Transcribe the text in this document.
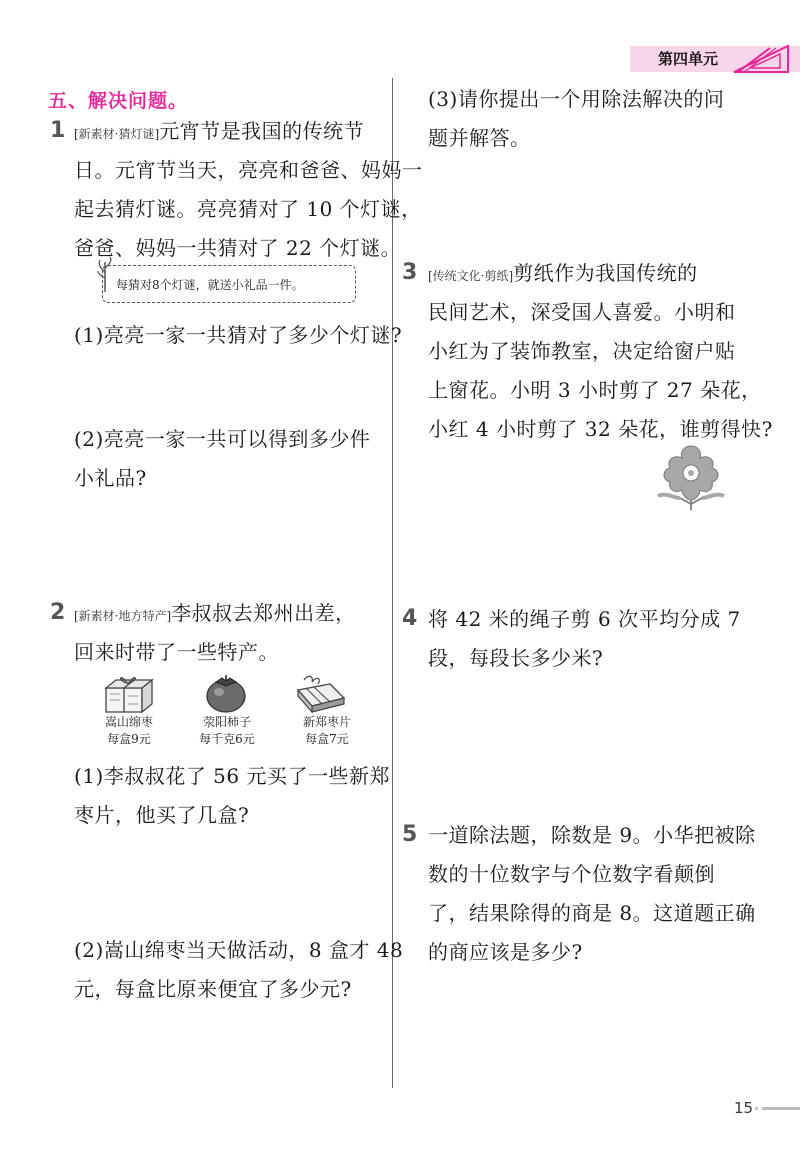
第四单元
五、解决问题。
1 [新素材·猜灯谜]元宵节是我国的传统节
日。元宵节当天，亮亮和爸爸、妈妈一
起去猜灯谜。亮亮猜对了 10 个灯谜，
爸爸、妈妈一共猜对了 22 个灯谜。
每猜对8个灯谜，就送小礼品一件。
(1)亮亮一家一共猜对了多少个灯谜?
(2)亮亮一家一共可以得到多少件
小礼品?
2 [新素材·地方特产]李叔叔去郑州出差，
回来时带了一些特产。
嵩山绵枣
每盒9元
荥阳柿子
每千克6元
新郑枣片
每盒7元
(1)李叔叔花了 56 元买了一些新郑
枣片，他买了几盒?
(2)嵩山绵枣当天做活动，8 盒才 48
元，每盒比原来便宜了多少元?
(3)请你提出一个用除法解决的问
题并解答。
3 [传统文化·剪纸]剪纸作为我国传统的
民间艺术，深受国人喜爱。小明和
小红为了装饰教室，决定给窗户贴
上窗花。小明 3 小时剪了 27 朵花，
小红 4 小时剪了 32 朵花，谁剪得快?
4 将 42 米的绳子剪 6 次平均分成 7
段，每段长多少米?
5 一道除法题，除数是 9。小华把被除
数的十位数字与个位数字看颠倒
了，结果除得的商是 8。这道题正确
的商应该是多少?
15
